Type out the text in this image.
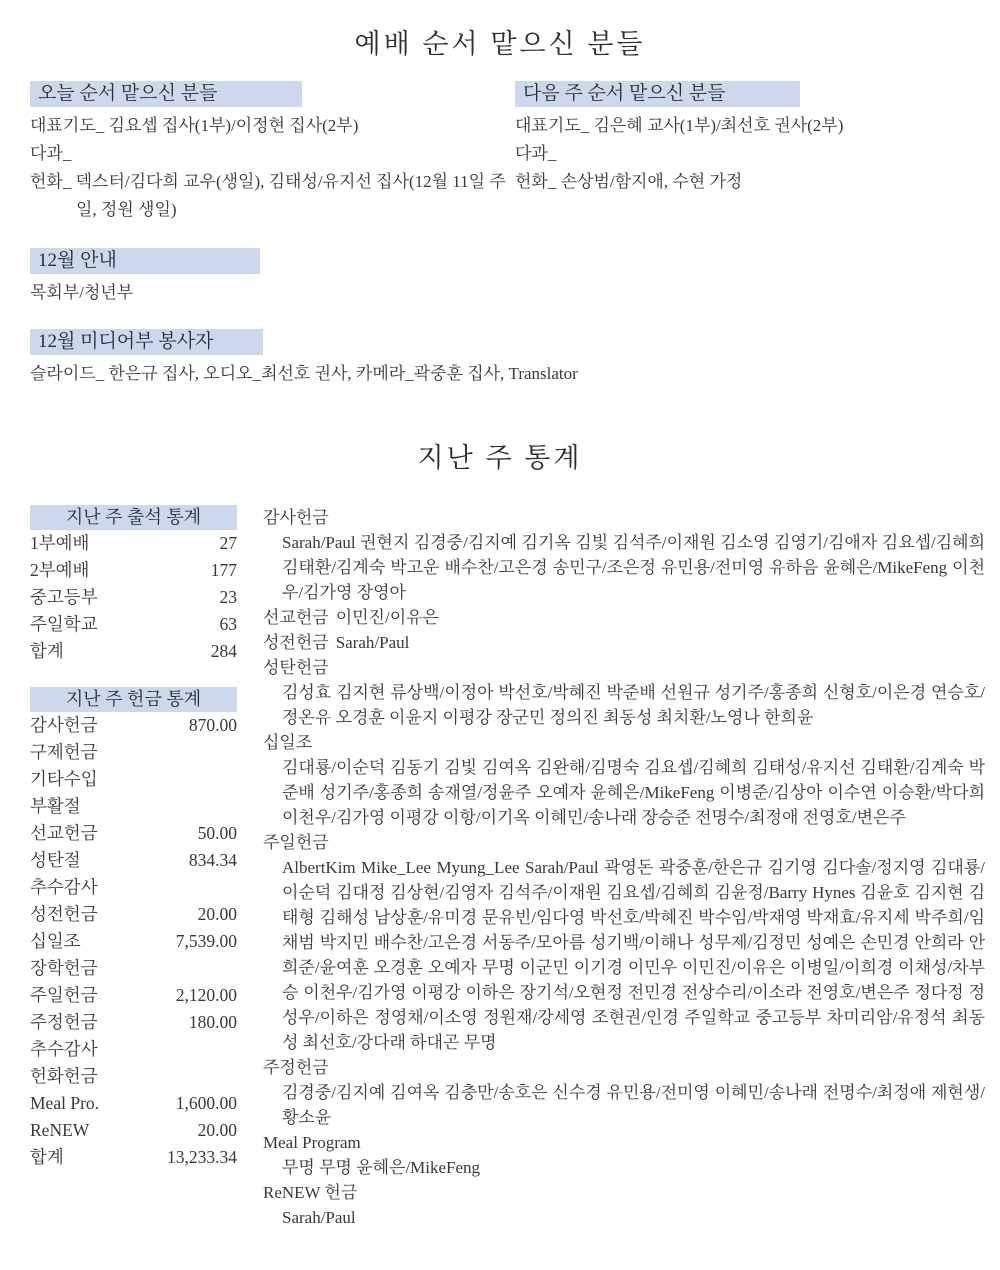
예배 순서 맡으신 분들
오늘 순서 맡으신 분들

대표기도_ 김요셉 집사(1부)/이정현 집사(2부)

다과_

헌화_ 덱스터/김다희 교우(생일), 김태성/유지선 집사(12월 11일 주일, 정원 생일)

다음 주 순서 맡으신 분들

대표기도_ 김은혜 교사(1부)/최선호 권사(2부)

다과_

헌화_ 손상범/함지애, 수현 가정

12월 안내

목회부/청년부

12월 미디어부 봉사자

슬라이드_ 한은규 집사, 오디오_최선호 권사, 카메라_곽중훈 집사, Translator

지난 주 통계
지난 주 출석 통계
1부예배	27
2부예배	177
중고등부	23
주일학교	63
합계	284
지난 주 헌금 통계
감사헌금	870.00
구제헌금
기타수입
부활절
선교헌금	50.00
성탄절	834.34
추수감사
성전헌금	20.00
십일조	7,539.00
장학헌금
주일헌금	2,120.00
주정헌금	180.00
추수감사
헌화헌금
Meal Pro.	1,600.00
ReNEW	20.00
합계	13,233.34
감사헌금

Sarah/Paul 권현지 김경중/김지예 김기옥 김빛 김석주/이재원 김소영 김영기/김애자 김요셉/김혜희 김태환/김계숙 박고운 배수찬/고은경 송민구/조은정 유민용/전미영 유하음 윤혜은/MikeFeng 이천우/김가영 장영아

선교헌금 이민진/이유은
성전헌금 Sarah/Paul
성탄헌금

김성효 김지현 류상백/이정아 박선호/박혜진 박준배 선원규 성기주/홍종희 신형호/이은경 연승호/정온유 오경훈 이윤지 이평강 장군민 정의진 최동성 최치환/노영나 한희윤

십일조

김대룡/이순덕 김동기 김빛 김여옥 김완해/김명숙 김요셉/김혜희 김태성/유지선 김태환/김계숙 박준배 성기주/홍종희 송재열/정윤주 오예자 윤혜은/MikeFeng 이병준/김상아 이수연 이승환/박다희 이천우/김가영 이평강 이항/이기옥 이혜민/송나래 장승준 전명수/최정애 전영호/변은주

주일헌금

AlbertKim Mike_Lee Myung_Lee Sarah/Paul 곽영돈 곽중훈/한은규 김기영 김다솔/정지영 김대룡/이순덕 김대정 김상현/김영자 김석주/이재원 김요셉/김혜희 김윤정/Barry Hynes 김윤호 김지현 김태형 김해성 남상훈/유미경 문유빈/임다영 박선호/박혜진 박수임/박재영 박재효/유지세 박주희/임채범 박지민 배수찬/고은경 서동주/모아름 성기백/이해나 성무제/김정민 성예은 손민경 안희라 안희준/윤여훈 오경훈 오예자 무명 이군민 이기경 이민우 이민진/이유은 이병일/이희경 이채성/차부승 이천우/김가영 이평강 이하은 장기석/오현정 전민경 전상수리/이소라 전영호/변은주 정다정 정성우/이하은 정영채/이소영 정원재/강세영 조현권/인경 주일학교 중고등부 차미리암/유정석 최동성 최선호/강다래 하대곤 무명

주정헌금

김경중/김지예 김여옥 김충만/송호은 신수경 유민용/전미영 이혜민/송나래 전명수/최정애 제현생/황소윤

Meal Program

무명 무명 윤혜은/MikeFeng

ReNEW 헌금

Sarah/Paul
